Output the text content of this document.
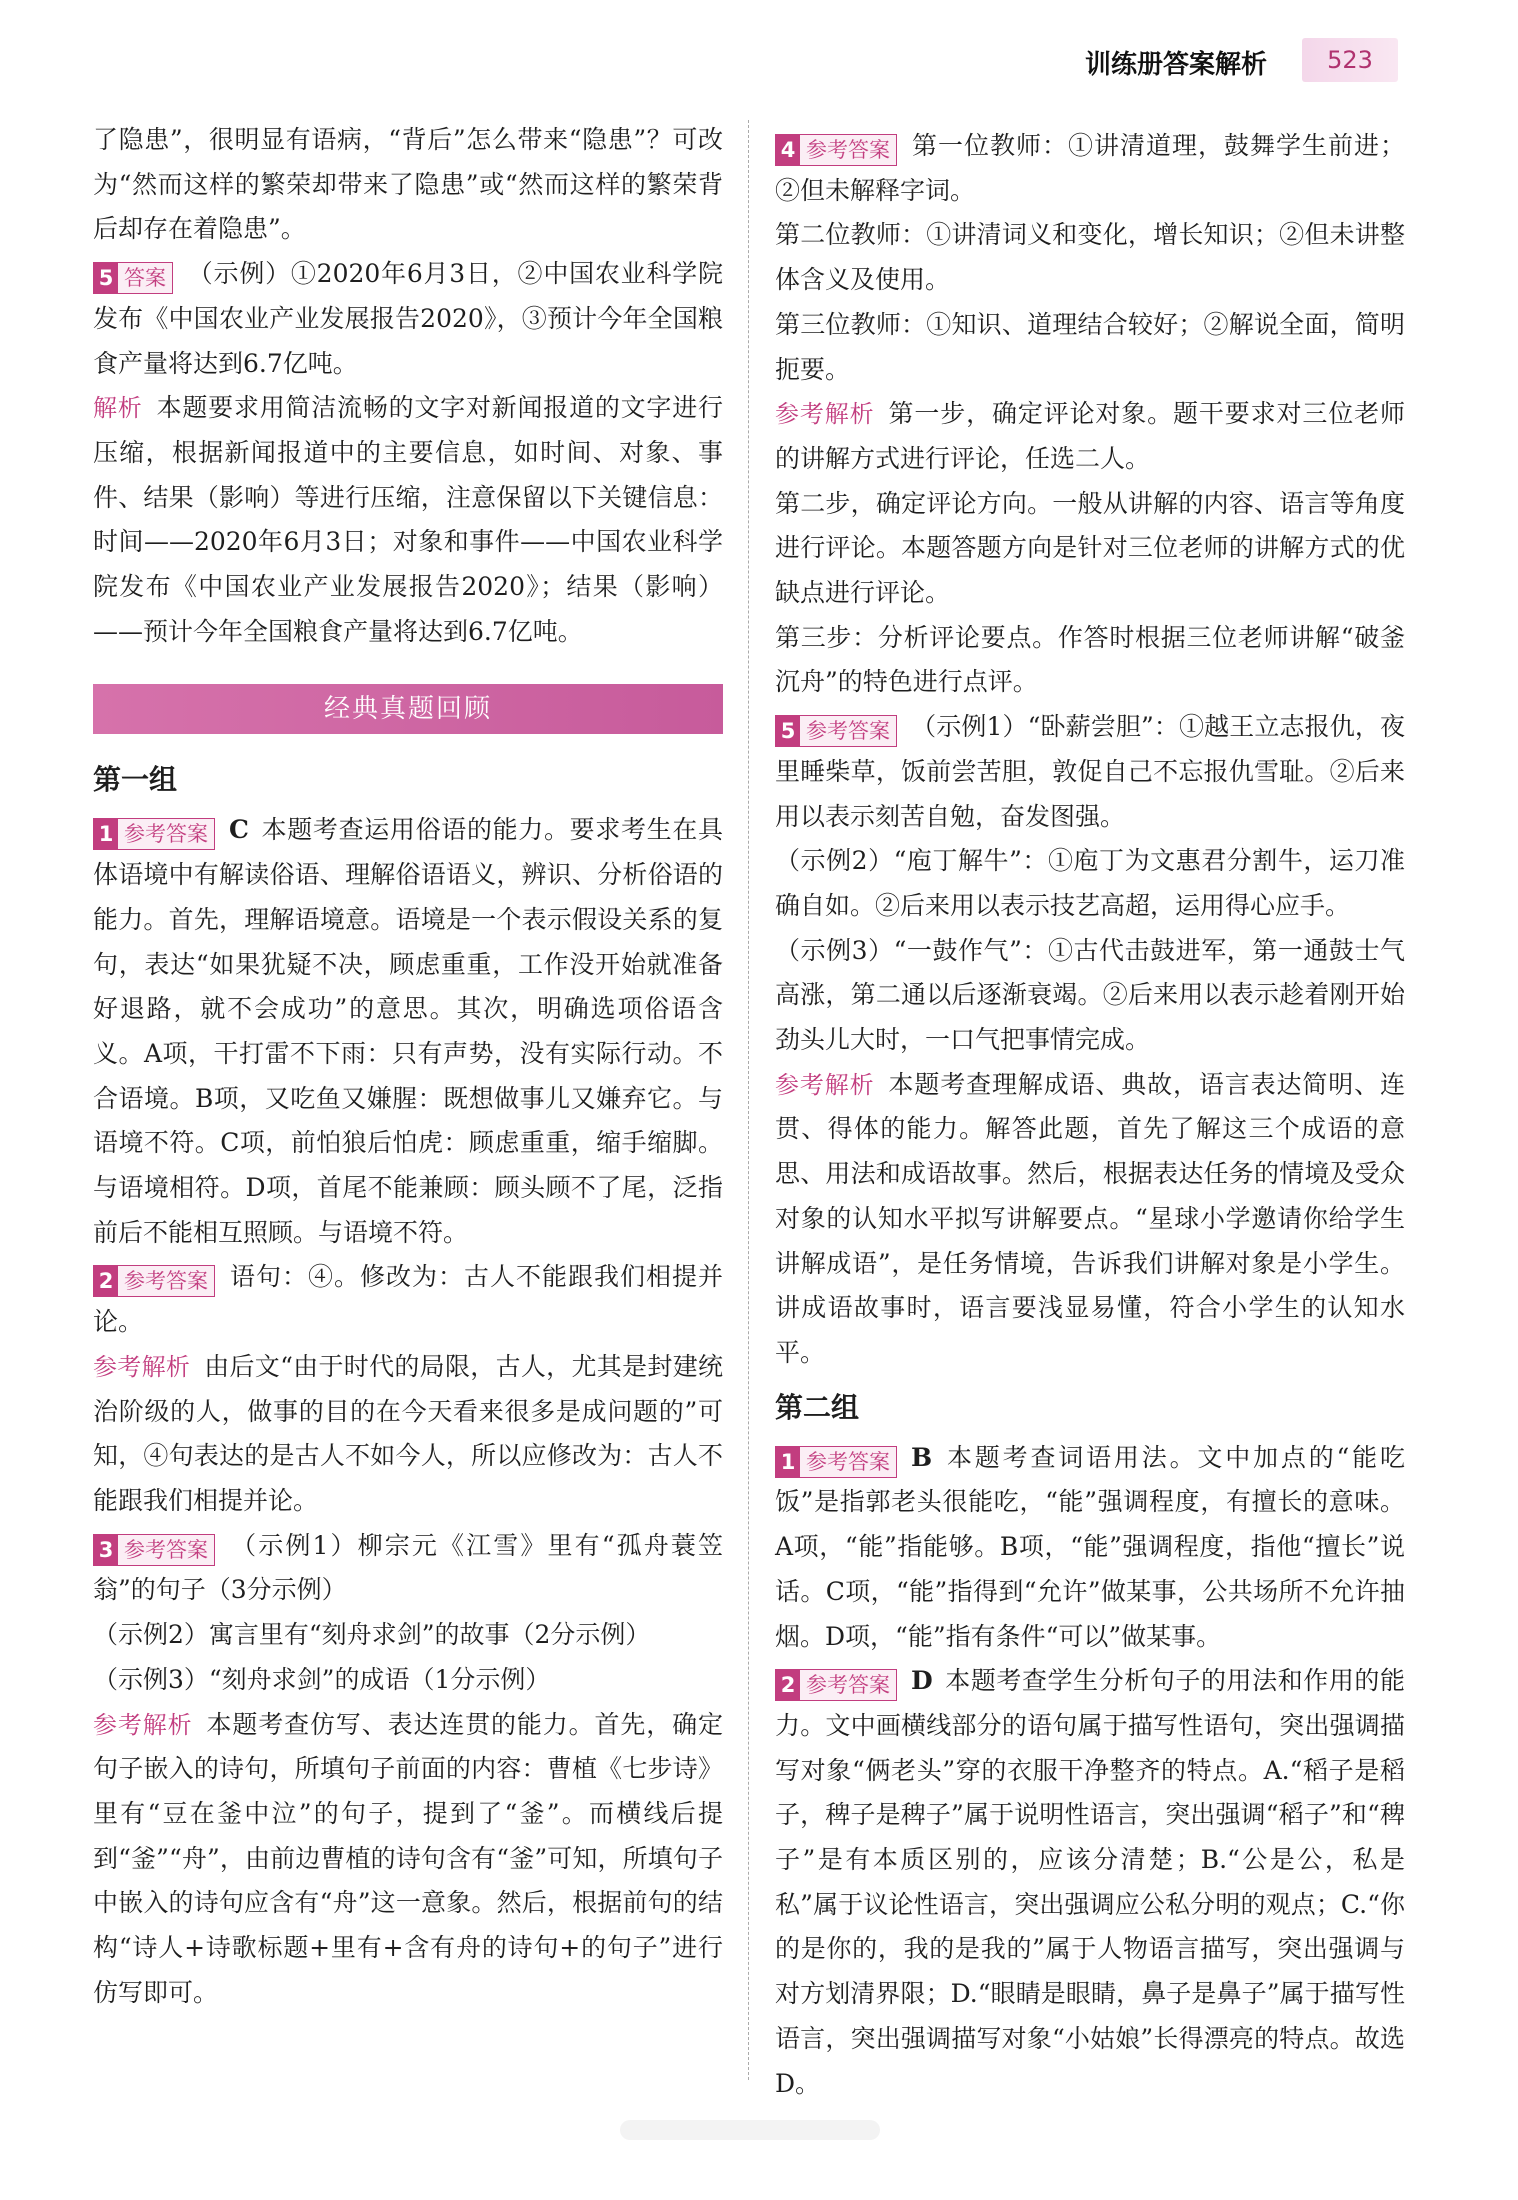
训练册答案解析	523

了隐患”，很明显有语病，“背后”怎么带来“隐患”？可改为“然而这样的繁荣却带来了隐患”或“然而这样的繁荣背后却存在着隐患”。

5 答案 （示例）①2020年6月3日，②中国农业科学院发布《中国农业产业发展报告2020》，③预计今年全国粮食产量将达到6.7亿吨。

解析 本题要求用简洁流畅的文字对新闻报道的文字进行压缩，根据新闻报道中的主要信息，如时间、对象、事件、结果（影响）等进行压缩，注意保留以下关键信息：时间——2020年6月3日；对象和事件——中国农业科学院发布《中国农业产业发展报告2020》；结果（影响）——预计今年全国粮食产量将达到6.7亿吨。

经典真题回顾
第一组

1 参考答案 C 本题考查运用俗语的能力。要求考生在具体语境中有解读俗语、理解俗语语义，辨识、分析俗语的能力。首先，理解语境意。语境是一个表示假设关系的复句，表达“如果犹疑不决，顾虑重重，工作没开始就准备好退路，就不会成功”的意思。其次，明确选项俗语含义。A项，干打雷不下雨：只有声势，没有实际行动。不合语境。B项，又吃鱼又嫌腥：既想做事儿又嫌弃它。与语境不符。C项，前怕狼后怕虎：顾虑重重，缩手缩脚。与语境相符。D项，首尾不能兼顾：顾头顾不了尾，泛指前后不能相互照顾。与语境不符。

2 参考答案 语句：④。修改为：古人不能跟我们相提并论。

参考解析 由后文“由于时代的局限，古人，尤其是封建统治阶级的人，做事的目的在今天看来很多是成问题的”可知，④句表达的是古人不如今人，所以应修改为：古人不能跟我们相提并论。

3 参考答案 （示例1）柳宗元《江雪》里有“孤舟蓑笠翁”的句子（3分示例）

（示例2）寓言里有“刻舟求剑”的故事（2分示例）

（示例3）“刻舟求剑”的成语（1分示例）

参考解析 本题考查仿写、表达连贯的能力。首先，确定句子嵌入的诗句，所填句子前面的内容：曹植《七步诗》里有“豆在釜中泣”的句子，提到了“釜”。而横线后提到“釜”“舟”，由前边曹植的诗句含有“釜”可知，所填句子中嵌入的诗句应含有“舟”这一意象。然后，根据前句的结构“诗人+诗歌标题+里有+含有舟的诗句+的句子”进行仿写即可。

4 参考答案 第一位教师：①讲清道理，鼓舞学生前进；②但未解释字词。

第二位教师：①讲清词义和变化，增长知识；②但未讲整体含义及使用。

第三位教师：①知识、道理结合较好；②解说全面，简明扼要。

参考解析 第一步，确定评论对象。题干要求对三位老师的讲解方式进行评论，任选二人。

第二步，确定评论方向。一般从讲解的内容、语言等角度进行评论。本题答题方向是针对三位老师的讲解方式的优缺点进行评论。

第三步：分析评论要点。作答时根据三位老师讲解“破釜沉舟”的特色进行点评。

5 参考答案 （示例1）“卧薪尝胆”：①越王立志报仇，夜里睡柴草，饭前尝苦胆，敦促自己不忘报仇雪耻。②后来用以表示刻苦自勉，奋发图强。

（示例2）“庖丁解牛”：①庖丁为文惠君分割牛，运刀准确自如。②后来用以表示技艺高超，运用得心应手。

（示例3）“一鼓作气”：①古代击鼓进军，第一通鼓士气高涨，第二通以后逐渐衰竭。②后来用以表示趁着刚开始劲头儿大时，一口气把事情完成。

参考解析 本题考查理解成语、典故，语言表达简明、连贯、得体的能力。解答此题，首先了解这三个成语的意思、用法和成语故事。然后，根据表达任务的情境及受众对象的认知水平拟写讲解要点。“星球小学邀请你给学生讲解成语”，是任务情境，告诉我们讲解对象是小学生。讲成语故事时，语言要浅显易懂，符合小学生的认知水平。

第二组

1 参考答案 B 本题考查词语用法。文中加点的“能吃饭”是指郭老头很能吃，“能”强调程度，有擅长的意味。A项，“能”指能够。B项，“能”强调程度，指他“擅长”说话。C项，“能”指得到“允许”做某事，公共场所不允许抽烟。D项，“能”指有条件“可以”做某事。

2 参考答案 D 本题考查学生分析句子的用法和作用的能力。文中画横线部分的语句属于描写性语句，突出强调描写对象“俩老头”穿的衣服干净整齐的特点。A.“稻子是稻子，稗子是稗子”属于说明性语言，突出强调“稻子”和“稗子”是有本质区别的，应该分清楚；B.“公是公，私是私”属于议论性语言，突出强调应公私分明的观点；C.“你的是你的，我的是我的”属于人物语言描写，突出强调与对方划清界限；D.“眼睛是眼睛，鼻子是鼻子”属于描写性语言，突出强调描写对象“小姑娘”长得漂亮的特点。故选D。
